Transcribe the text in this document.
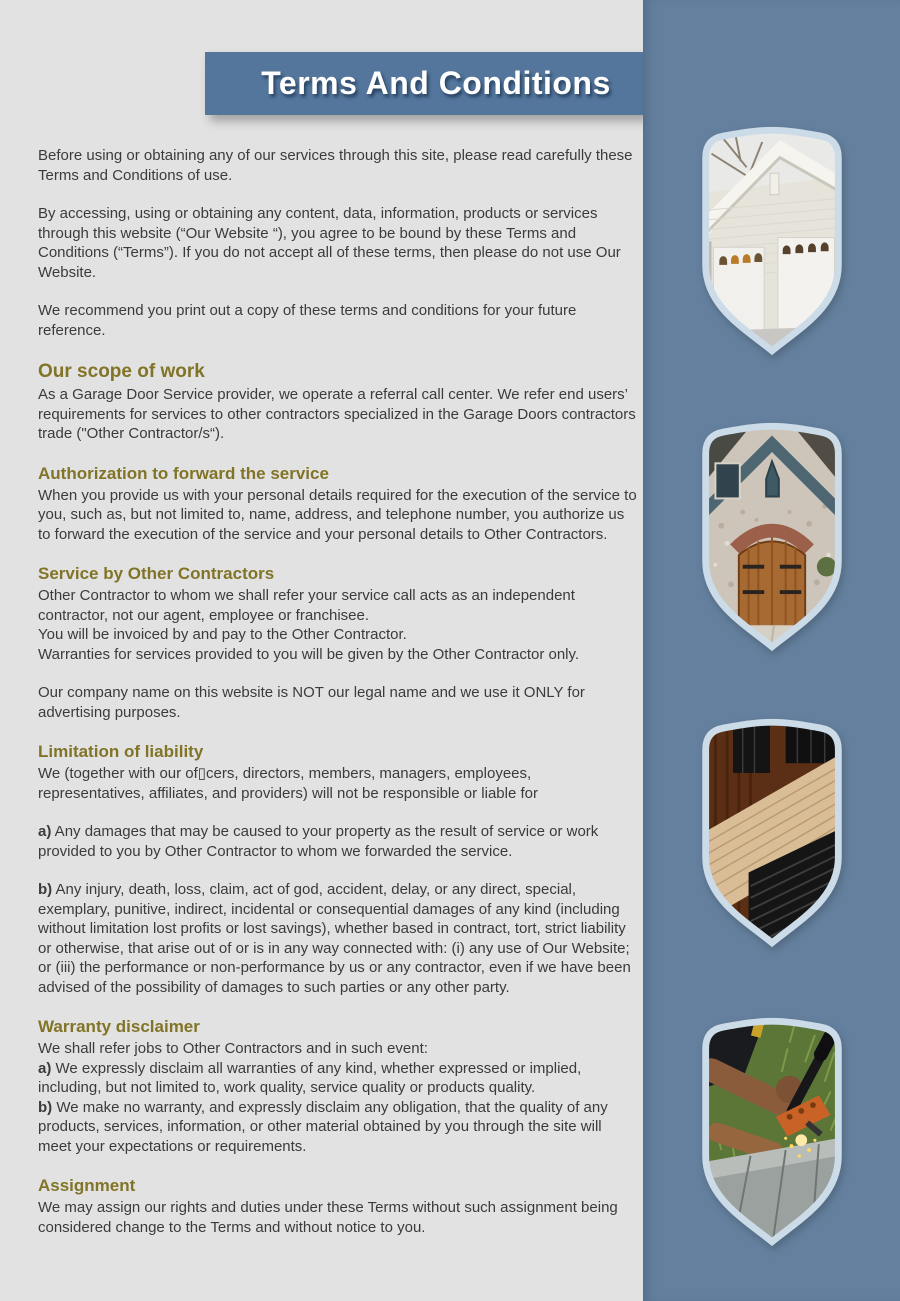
Terms And Conditions

Before using or obtaining any of our services through this site, please read carefully these Terms and Conditions of use.

By accessing, using or obtaining any content, data, information, products or services through this website (“Our Website “), you agree to be bound by these Terms and Conditions (“Terms”). If you do not accept all of these terms, then please do not use Our Website.

We recommend you print out a copy of these terms and conditions for your future reference.

Our scope of work

As a Garage Door Service provider, we operate a referral call center. We refer end users’ requirements for services to other contractors specialized in the Garage Doors contractors trade ("Other Contractor/s“).

Authorization to forward the service

When you provide us with your personal details required for the execution of the service to you, such as, but not limited to, name, address, and telephone number, you authorize us to forward the execution of the service and your personal details to Other Contractors.

Service by Other Contractors

Other Contractor to whom we shall refer your service call acts as an independent contractor, not our agent, employee or franchisee.
You will be invoiced by and pay to the Other Contractor.
Warranties for services provided to you will be given by the Other Contractor only.

Our company name on this website is NOT our legal name and we use it ONLY for advertising purposes.

Limitation of liability

We (together with our of▯cers, directors, members, managers, employees, representatives, affiliates, and providers) will not be responsible or liable for

a) Any damages that may be caused to your property as the result of service or work provided to you by Other Contractor to whom we forwarded the service.

b) Any injury, death, loss, claim, act of god, accident, delay, or any direct, special, exemplary, punitive, indirect, incidental or consequential damages of any kind (including without limitation lost profits or lost savings), whether based in contract, tort, strict liability or otherwise, that arise out of or is in any way connected with: (i) any use of Our Website; or (iii) the performance or non-performance by us or any contractor, even if we have been advised of the possibility of damages to such parties or any other party.

Warranty disclaimer

We shall refer jobs to Other Contractors and in such event:
a) We expressly disclaim all warranties of any kind, whether expressed or implied, including, but not limited to, work quality, service quality or products quality.
b) We make no warranty, and expressly disclaim any obligation, that the quality of any products, services, information, or other material obtained by you through the site will meet your expectations or requirements.

Assignment

We may assign our rights and duties under these Terms without such assignment being considered change to the Terms and without notice to you.
